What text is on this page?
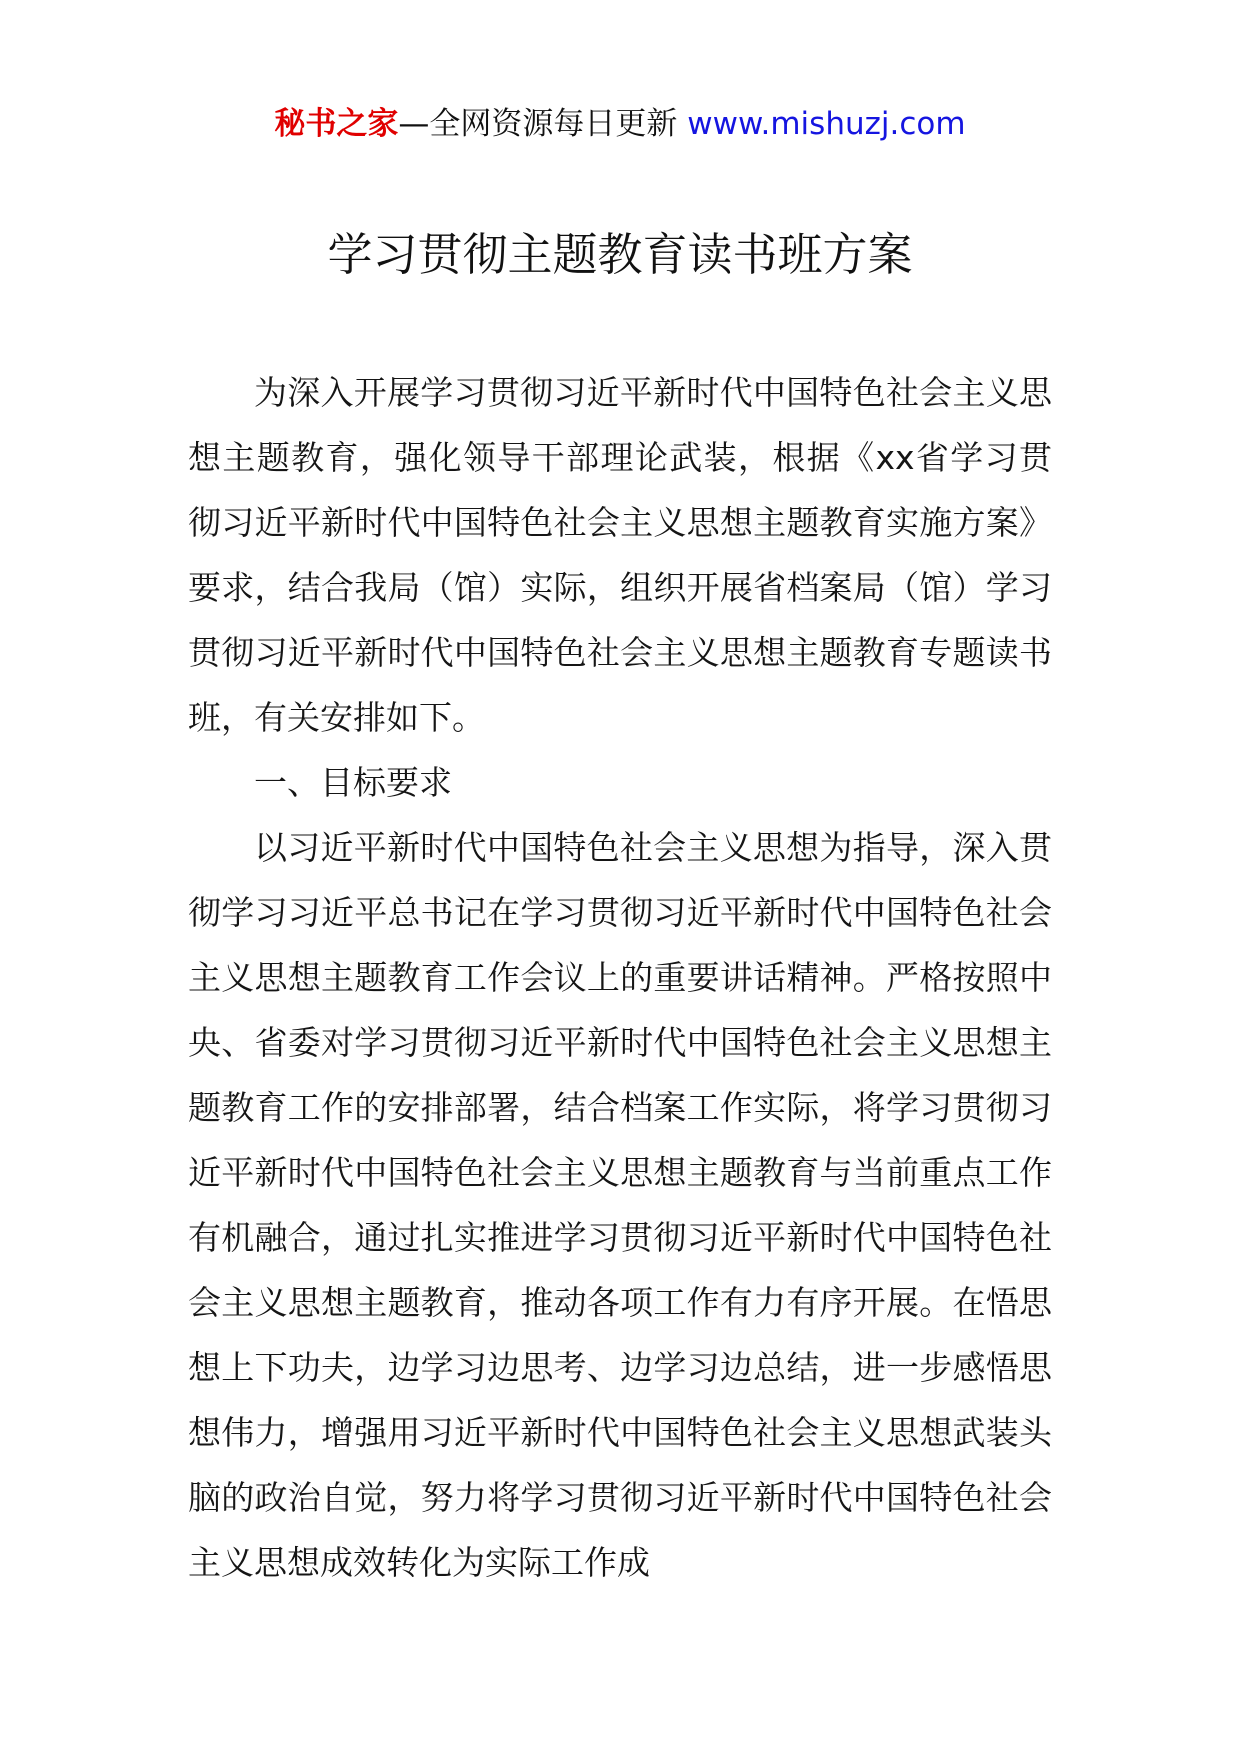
秘书之家—全网资源每日更新 www.mishuzj.com
学习贯彻主题教育读书班方案

为深入开展学习贯彻习近平新时代中国特色社会主义思想主题教育，强化领导干部理论武装，根据《xx省学习贯彻习近平新时代中国特色社会主义思想主题教育实施方案》要求，结合我局（馆）实际，组织开展省档案局（馆）学习贯彻习近平新时代中国特色社会主义思想主题教育专题读书班，有关安排如下。

一、目标要求

以习近平新时代中国特色社会主义思想为指导，深入贯彻学习习近平总书记在学习贯彻习近平新时代中国特色社会主义思想主题教育工作会议上的重要讲话精神。严格按照中央、省委对学习贯彻习近平新时代中国特色社会主义思想主题教育工作的安排部署，结合档案工作实际，将学习贯彻习近平新时代中国特色社会主义思想主题教育与当前重点工作有机融合，通过扎实推进学习贯彻习近平新时代中国特色社会主义思想主题教育，推动各项工作有力有序开展。在悟思想上下功夫，边学习边思考、边学习边总结，进一步感悟思想伟力，增强用习近平新时代中国特色社会主义思想武装头脑的政治自觉，努力将学习贯彻习近平新时代中国特色社会主义思想成效转化为实际工作成
